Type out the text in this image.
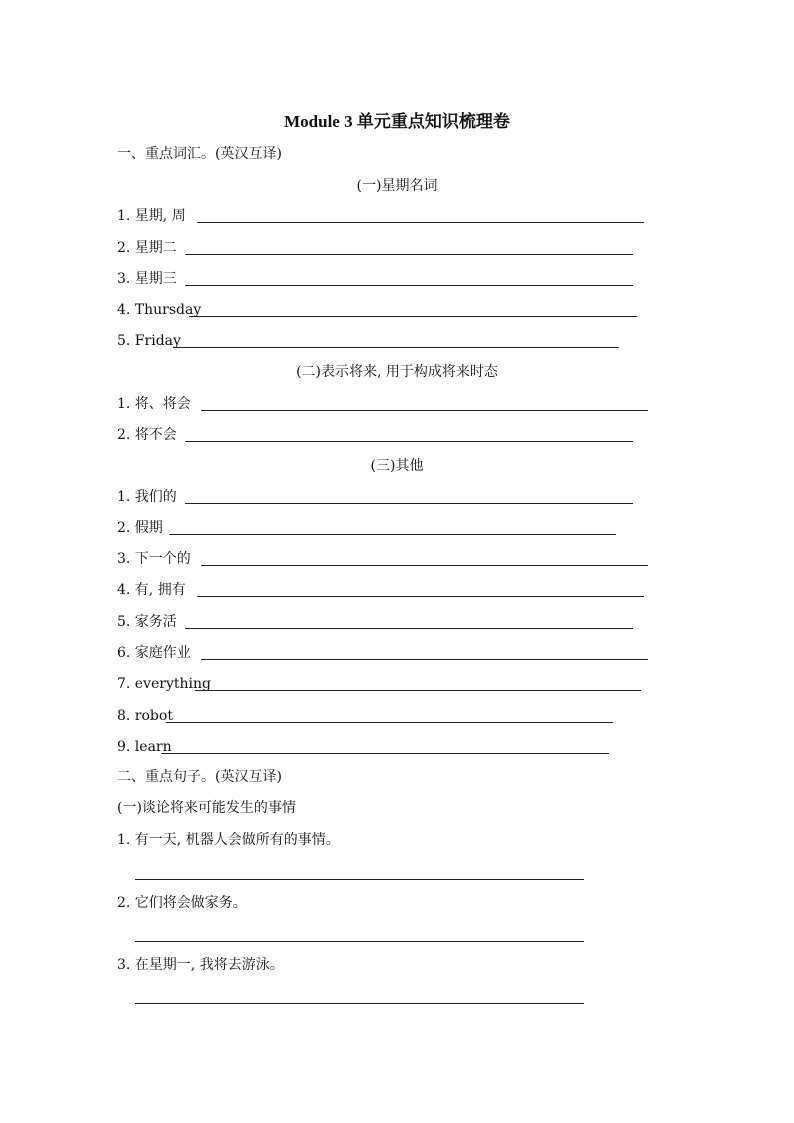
Module 3 单元重点知识梳理卷
一、重点词汇。(英汉互译)
(一)星期名词
1. 星期, 周
2. 星期二
3. 星期三
4. Thursday
5. Friday
(二)表示将来, 用于构成将来时态
1. 将、将会
2. 将不会
(三)其他
1. 我们的
2. 假期
3. 下一个的
4. 有, 拥有
5. 家务活
6. 家庭作业
7. everything
8. robot
9. learn
二、重点句子。(英汉互译)
(一)谈论将来可能发生的事情
1. 有一天, 机器人会做所有的事情。
2. 它们将会做家务。
3. 在星期一, 我将去游泳。
